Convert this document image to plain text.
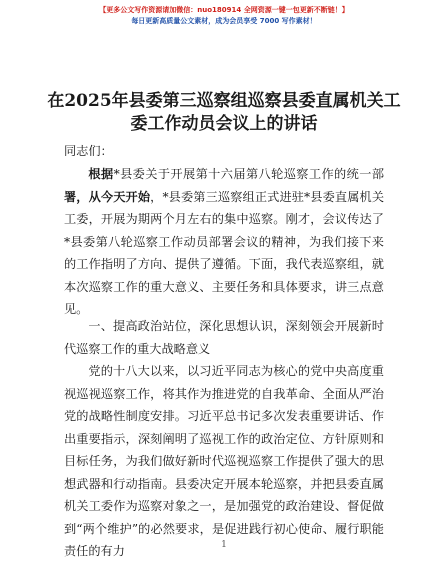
【更多公文写作资源请加微信：nuo180914 全网资源一键一包更新不断链！】
每日更新高质量公文素材，成为会员享受 7000 写作素材！
在2025年县委第三巡察组巡察县委直属机关工
委工作动员会议上的讲话

同志们：

根据*县委关于开展第十六届第八轮巡察工作的统一部署，从今天开始，*县委第三巡察组正式进驻*县委直属机关工委，开展为期两个月左右的集中巡察。刚才，会议传达了*县委第八轮巡察工作动员部署会议的精神，为我们接下来的工作指明了方向、提供了遵循。下面，我代表巡察组，就本次巡察工作的重大意义、主要任务和具体要求，讲三点意见。

一、提高政治站位，深化思想认识，深刻领会开展新时代巡察工作的重大战略意义

党的十八大以来，以习近平同志为核心的党中央高度重视巡视巡察工作，将其作为推进党的自我革命、全面从严治党的战略性制度安排。习近平总书记多次发表重要讲话、作出重要指示，深刻阐明了巡视工作的政治定位、方针原则和目标任务，为我们做好新时代巡视巡察工作提供了强大的思想武器和行动指南。县委决定开展本轮巡察，并把县委直属机关工委作为巡察对象之一，是加强党的政治建设、督促做到“两个维护”的必然要求，是促进践行初心使命、履行职能责任的有力	1
